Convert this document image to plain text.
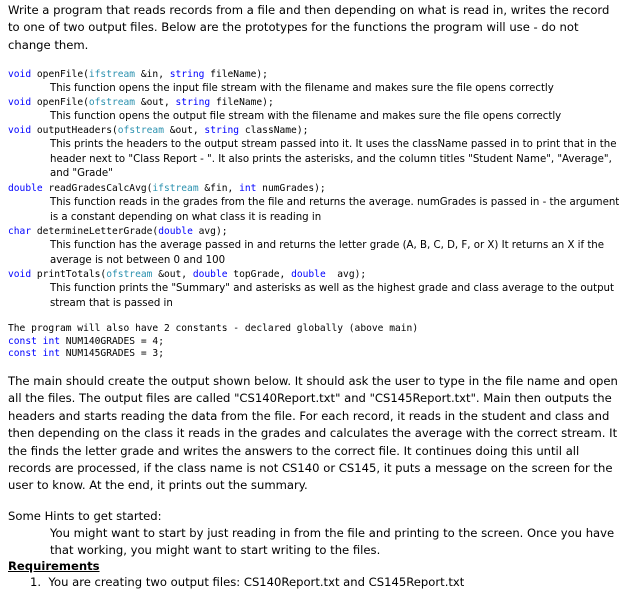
Write a program that reads records from a file and then depending on what is read in, writes the record to one of two output files. Below are the prototypes for the functions the program will use - do not change them.
void openFile(ifstream &in, string fileName);
This function opens the input file stream with the filename and makes sure the file opens correctly
void openFile(ofstream &out, string fileName);
This function opens the output file stream with the filename and makes sure the file opens correctly
void outputHeaders(ofstream &out, string className);
This prints the headers to the output stream passed into it. It uses the className passed in to print that in the header next to "Class Report - ". It also prints the asterisks, and the column titles "Student Name", "Average", and "Grade"
double readGradesCalcAvg(ifstream &fin, int numGrades);
This function reads in the grades from the file and returns the average. numGrades is passed in - the argument is a constant depending on what class it is reading in
char determineLetterGrade(double avg);
This function has the average passed in and returns the letter grade (A, B, C, D, F, or X) It returns an X if the average is not between 0 and 100
void printTotals(ofstream &out, double topGrade, double  avg);
This function prints the "Summary" and asterisks as well as the highest grade and class average to the output stream that is passed in
The program will also have 2 constants - declared globally (above main)
const int NUM140GRADES = 4;
const int NUM145GRADES = 3;
The main should create the output shown below. It should ask the user to type in the file name and open all the files. The output files are called "CS140Report.txt" and "CS145Report.txt". Main then outputs the headers and starts reading the data from the file. For each record, it reads in the student and class and then depending on the class it reads in the grades and calculates the average with the correct stream. It the finds the letter grade and writes the answers to the correct file. It continues doing this until all records are processed, if the class name is not CS140 or CS145, it puts a message on the screen for the user to know. At the end, it prints out the summary.
Some Hints to get started:
You might want to start by just reading in from the file and printing to the screen. Once you have that working, you might want to start writing to the files.
Requirements
1. You are creating two output files: CS140Report.txt and CS145Report.txt
